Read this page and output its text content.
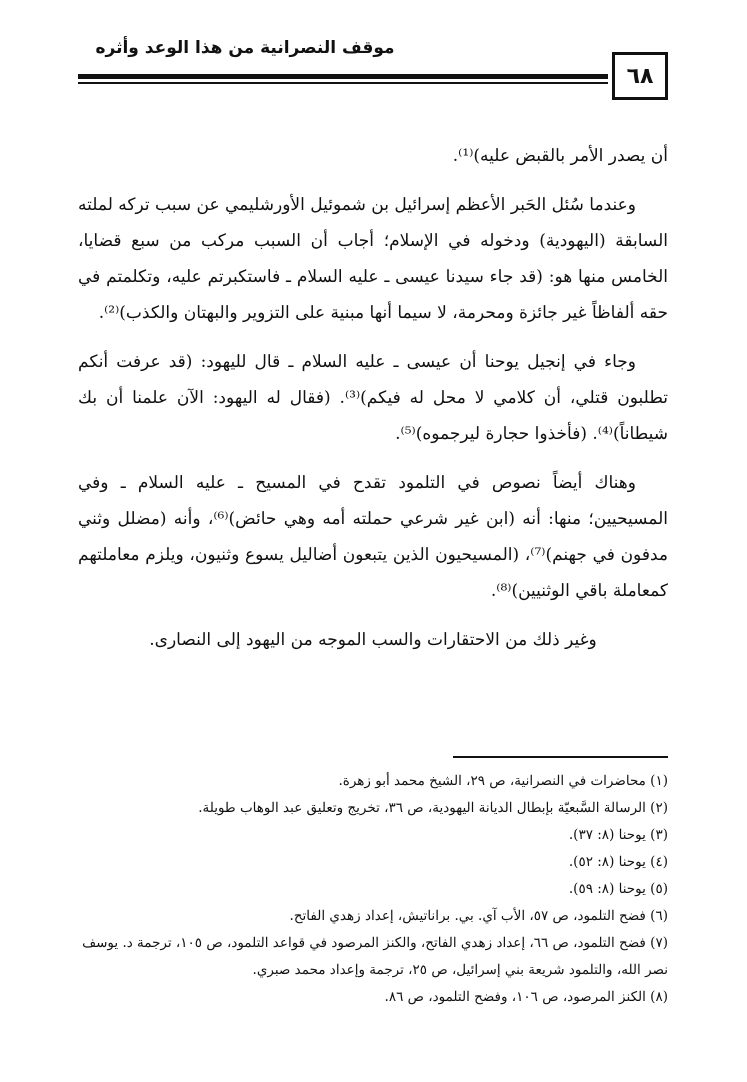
موقف النصرانية من هذا الوعد وأثره
٦٨

أن يصدر الأمر بالقبض عليه)⁽¹⁾.

وعندما سُئل الحَبر الأعظم إسرائيل بن شموئيل الأورشليمي عن سبب تركه لملته السابقة (اليهودية) ودخوله في الإسلام؛ أجاب أن السبب مركب من سبع قضايا، الخامس منها هو: (قد جاء سيدنا عيسى ـ عليه السلام ـ فاستكبرتم عليه، وتكلمتم في حقه ألفاظاً غير جائزة ومحرمة، لا سيما أنها مبنية على التزوير والبهتان والكذب)⁽²⁾.

وجاء في إنجيل يوحنا أن عيسى ـ عليه السلام ـ قال لليهود: (قد عرفت أنكم تطلبون قتلي، أن كلامي لا محل له فيكم)⁽³⁾. (فقال له اليهود: الآن علمنا أن بك شيطاناً)⁽⁴⁾. (فأخذوا حجارة ليرجموه)⁽⁵⁾.

وهناك أيضاً نصوص في التلمود تقدح في المسيح ـ عليه السلام ـ وفي المسيحيين؛ منها: أنه (ابن غير شرعي حملته أمه وهي حائض)⁽⁶⁾، وأنه (مضلل وثني مدفون في جهنم)⁽⁷⁾، (المسيحيون الذين يتبعون أضاليل يسوع وثنيون، ويلزم معاملتهم كمعاملة باقي الوثنيين)⁽⁸⁾.

وغير ذلك من الاحتقارات والسب الموجه من اليهود إلى النصارى.

(١) محاضرات في النصرانية، ص ٢٩، الشيخ محمد أبو زهرة.
(٢) الرسالة السَّبعيّة بإبطال الديانة اليهودية، ص ٣٦، تخريج وتعليق عبد الوهاب طويلة.
(٣) يوحنا (٨: ٣٧).
(٤) يوحنا (٨: ٥٢).
(٥) يوحنا (٨: ٥٩).
(٦) فضح التلمود، ص ٥٧، الأب آي. بي. براناتيش، إعداد زهدي الفاتح.
(٧) فضح التلمود، ص ٦٦، إعداد زهدي الفاتح، والكنز المرصود في قواعد التلمود، ص ١٠٥، ترجمة د. يوسف نصر الله، والتلمود شريعة بني إسرائيل، ص ٢٥، ترجمة وإعداد محمد صبري.
(٨) الكنز المرصود، ص ١٠٦، وفضح التلمود، ص ٨٦.
